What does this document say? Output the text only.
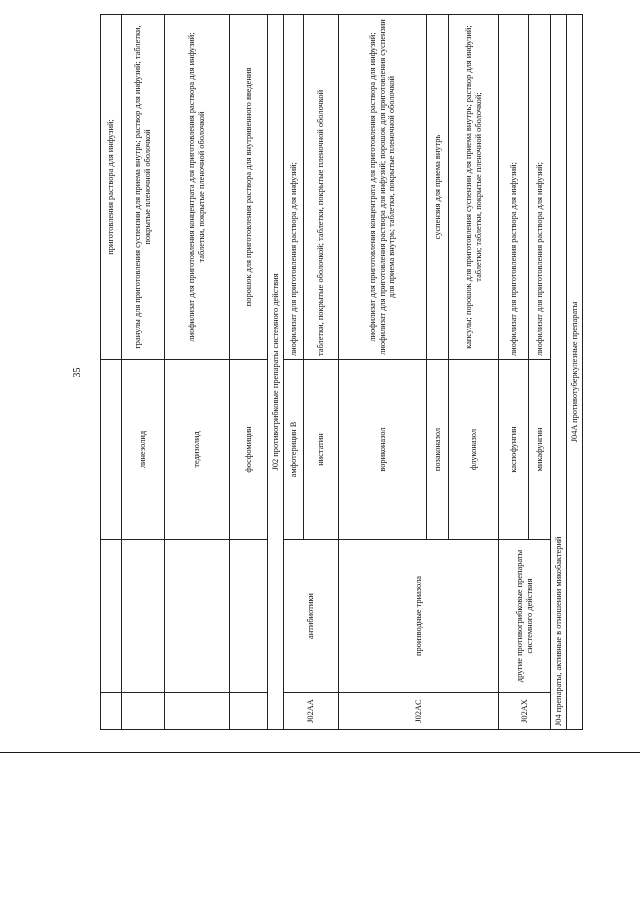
35
			приготовления раствора для инфузий;
		линезолид	гранулы для приготовления суспензии для приема внутрь; раствор для инфузий; таблетки, покрытые пленочной оболочкой
		тедизолид	лиофилизат для приготовления концентрата для приготовления раствора для инфузий; таблетки, покрытые пленочной оболочкой
		фосфомицин	порошок для приготовления раствора для внутривенного введения
J02 противогрибковые препараты системного действия			
J02AA	антибиотики	амфотерицин B	лиофилизат для приготовления раствора для инфузий;
		нистатин	таблетки, покрытые оболочкой; таблетки, покрытые пленочной оболочкой
J02AC	производные триазола	вориконазол	лиофилизат для приготовления концентрата для приготовления раствора для инфузий; лиофилизат для приготовления раствора для инфузий; порошок для приготовления суспензии для приема внутрь; таблетки, покрытые пленочной оболочкой
		позаконазол	суспензия для приема внутрь
		флуконазол	капсулы; порошок для приготовления суспензии для приема внутрь; раствор для инфузий; таблетки; таблетки, покрытые пленочной оболочкой;
J02AX	другие противогрибковые препараты системного действия	каспофунгин	лиофилизат для приготовления раствора для инфузий;
		микафунгин	лиофилизат для приготовления раствора для инфузий;
J04 препараты, активные в отношении микобактерий			
J04A противотуберкулезные препараты			
